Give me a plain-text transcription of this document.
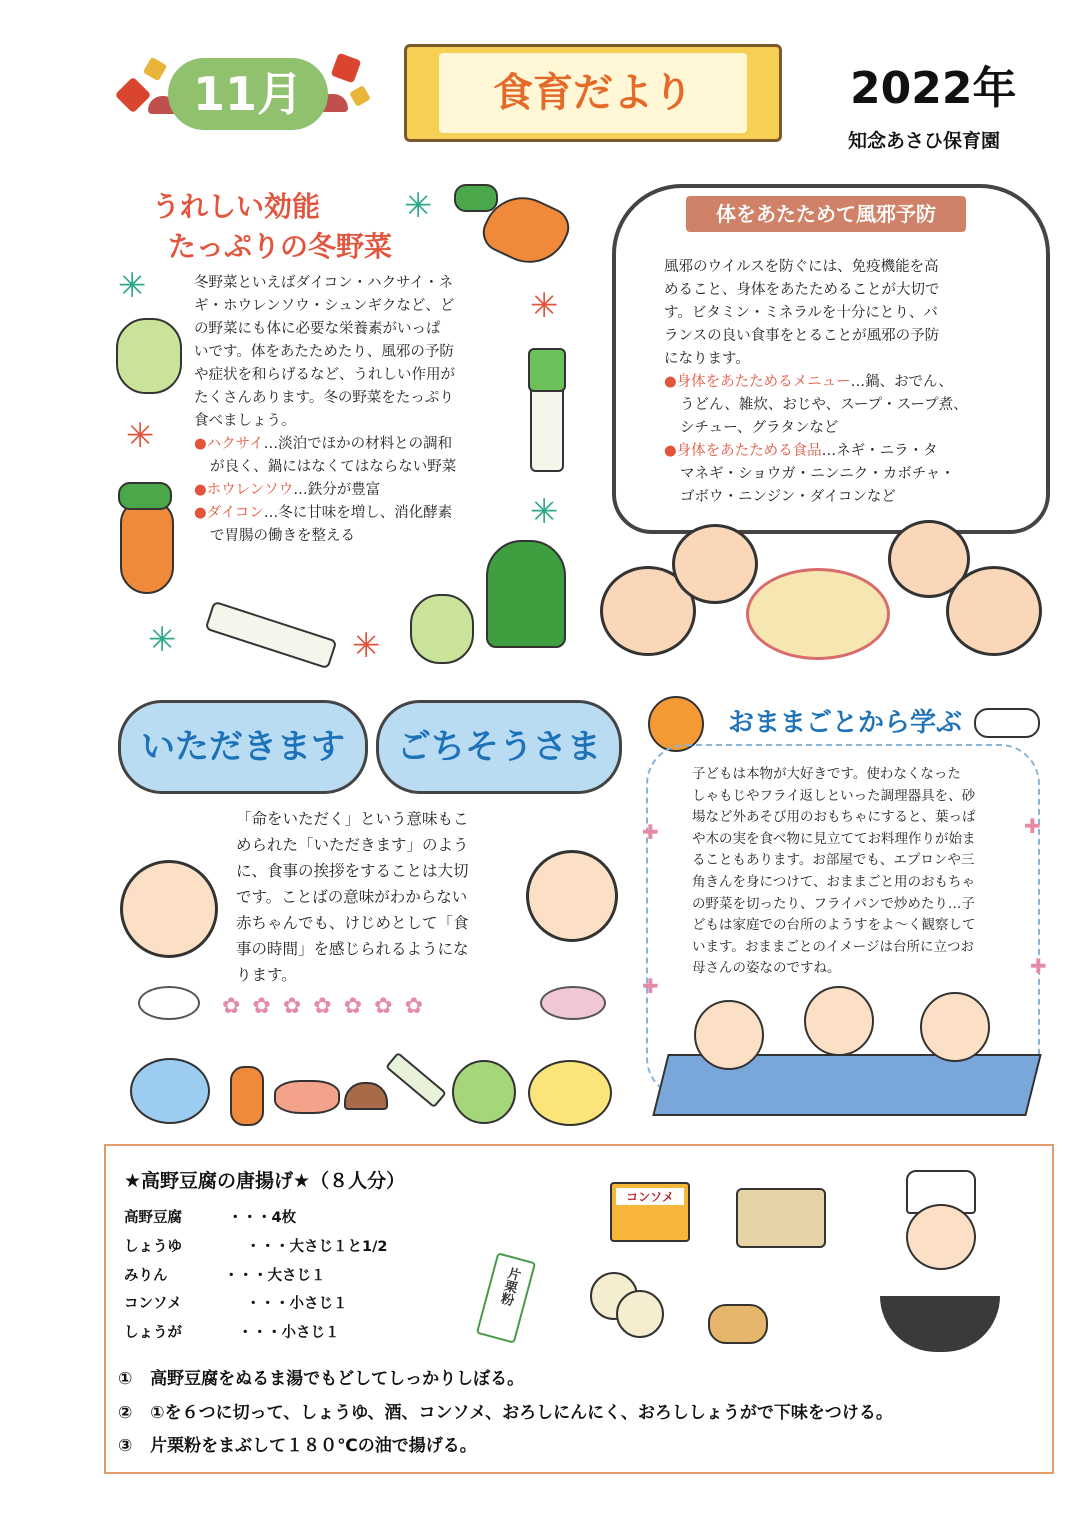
11月	食育だより	2022年
知念あさひ保育園
うれしい効能
たっぷりの冬野菜
✳
✳	✳
✳
✳
✳	✳
冬野菜といえばダイコン・ハクサイ・ネ
ギ・ホウレンソウ・シュンギクなど、ど
の野菜にも体に必要な栄養素がいっぱ
いです。体をあたためたり、風邪の予防
や症状を和らげるなど、うれしい作用が
たくさんあります。冬の野菜をたっぷり
食べましょう。
●ハクサイ…淡泊でほかの材料との調和
が良く、鍋にはなくてはならない野菜
●ホウレンソウ…鉄分が豊富
●ダイコン…冬に甘味を増し、消化酵素
で胃腸の働きを整える
体をあたためて風邪予防
風邪のウイルスを防ぐには、免疫機能を高
めること、身体をあたためることが大切で
す。ビタミン・ミネラルを十分にとり、バ
ランスの良い食事をとることが風邪の予防
になります。
●身体をあたためるメニュー…鍋、おでん、
うどん、雑炊、おじや、スープ・スープ煮、
シチュー、グラタンなど
●身体をあたためる食品…ネギ・ニラ・タ
マネギ・ショウガ・ニンニク・カボチャ・
ゴボウ・ニンジン・ダイコンなど
いただきます	ごちそうさま
「命をいただく」という意味もこ
められた「いただきます」のよう
に、食事の挨拶をすることは大切
です。ことばの意味がわからない
赤ちゃんでも、けじめとして「食
事の時間」を感じられるようにな
ります。
✿✿✿✿✿✿✿
おままごとから学ぶ
子どもは本物が大好きです。使わなくなった
しゃもじやフライ返しといった調理器具を、砂
場など外あそび用のおもちゃにすると、葉っぱ
や木の実を食べ物に見立ててお料理作りが始ま
ることもあります。お部屋でも、エプロンや三
角きんを身につけて、おままごと用のおもちゃ
の野菜を切ったり、フライパンで炒めたり…子
どもは家庭での台所のようすをよ～く観察して
います。おままごとのイメージは台所に立つお
母さんの姿なのですね。
✚
✚
✚
✚
★高野豆腐の唐揚げ★（８人分）
高野豆腐	・・・4枚
しょうゆ	・・・大さじ１と1/2
みりん	・・・大さじ１
コンソメ	・・・小さじ１
しょうが	・・・小さじ１
① 高野豆腐をぬるま湯でもどしてしっかりしぼる。
② ①を６つに切って、しょうゆ、酒、コンソメ、おろしにんにく、おろししょうがで下味をつける。
③ 片栗粉をまぶして１８０℃の油で揚げる。
片栗粉
コンソメ
